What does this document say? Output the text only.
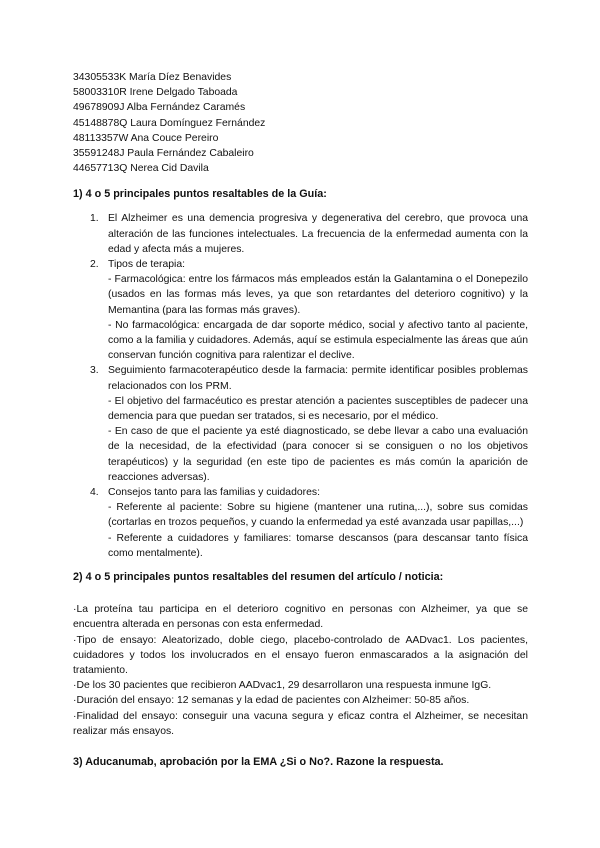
34305533K María Díez Benavides
58003310R Irene Delgado Taboada
49678909J Alba Fernández Caramés
45148878Q Laura Domínguez Fernández
48113357W Ana Couce Pereiro
35591248J Paula Fernández Cabaleiro
44657713Q Nerea Cid Davila
1) 4 o 5 principales puntos resaltables de la Guía:
1. El Alzheimer es una demencia progresiva y degenerativa del cerebro, que provoca una alteración de las funciones intelectuales. La frecuencia de la enfermedad aumenta con la edad y afecta más a mujeres.
2. Tipos de terapia:
- Farmacológica: entre los fármacos más empleados están la Galantamina o el Donepezilo (usados en las formas más leves, ya que son retardantes del deterioro cognitivo) y la Memantina (para las formas más graves).
- No farmacológica: encargada de dar soporte médico, social y afectivo tanto al paciente, como a la familia y cuidadores. Además, aquí se estimula especialmente las áreas que aún conservan función cognitiva para ralentizar el declive.
3. Seguimiento farmacoterapéutico desde la farmacia: permite identificar posibles problemas relacionados con los PRM.
- El objetivo del farmacéutico es prestar atención a pacientes susceptibles de padecer una demencia para que puedan ser tratados, si es necesario, por el médico.
- En caso de que el paciente ya esté diagnosticado, se debe llevar a cabo una evaluación de la necesidad, de la efectividad (para conocer si se consiguen o no los objetivos terapéuticos) y la seguridad (en este tipo de pacientes es más común la aparición de reacciones adversas).
4. Consejos tanto para las familias y cuidadores:
- Referente al paciente: Sobre su higiene (mantener una rutina,...), sobre sus comidas (cortarlas en trozos pequeños, y cuando la enfermedad ya esté avanzada usar papillas,...)
- Referente a cuidadores y familiares: tomarse descansos (para descansar tanto física como mentalmente).
2) 4 o 5 principales puntos resaltables del resumen del artículo / noticia:

·La proteína tau participa en el deterioro cognitivo en personas con Alzheimer, ya que se encuentra alterada en personas con esta enfermedad.

·Tipo de ensayo: Aleatorizado, doble ciego, placebo-controlado de AADvac1. Los pacientes, cuidadores y todos los involucrados en el ensayo fueron enmascarados a la asignación del tratamiento.

·De los 30 pacientes que recibieron AADvac1, 29 desarrollaron una respuesta inmune IgG.

·Duración del ensayo: 12 semanas y la edad de pacientes con Alzheimer: 50-85 años.

·Finalidad del ensayo: conseguir una vacuna segura y eficaz contra el Alzheimer, se necesitan realizar más ensayos.

3) Aducanumab, aprobación por la EMA ¿Si o No?. Razone la respuesta.
